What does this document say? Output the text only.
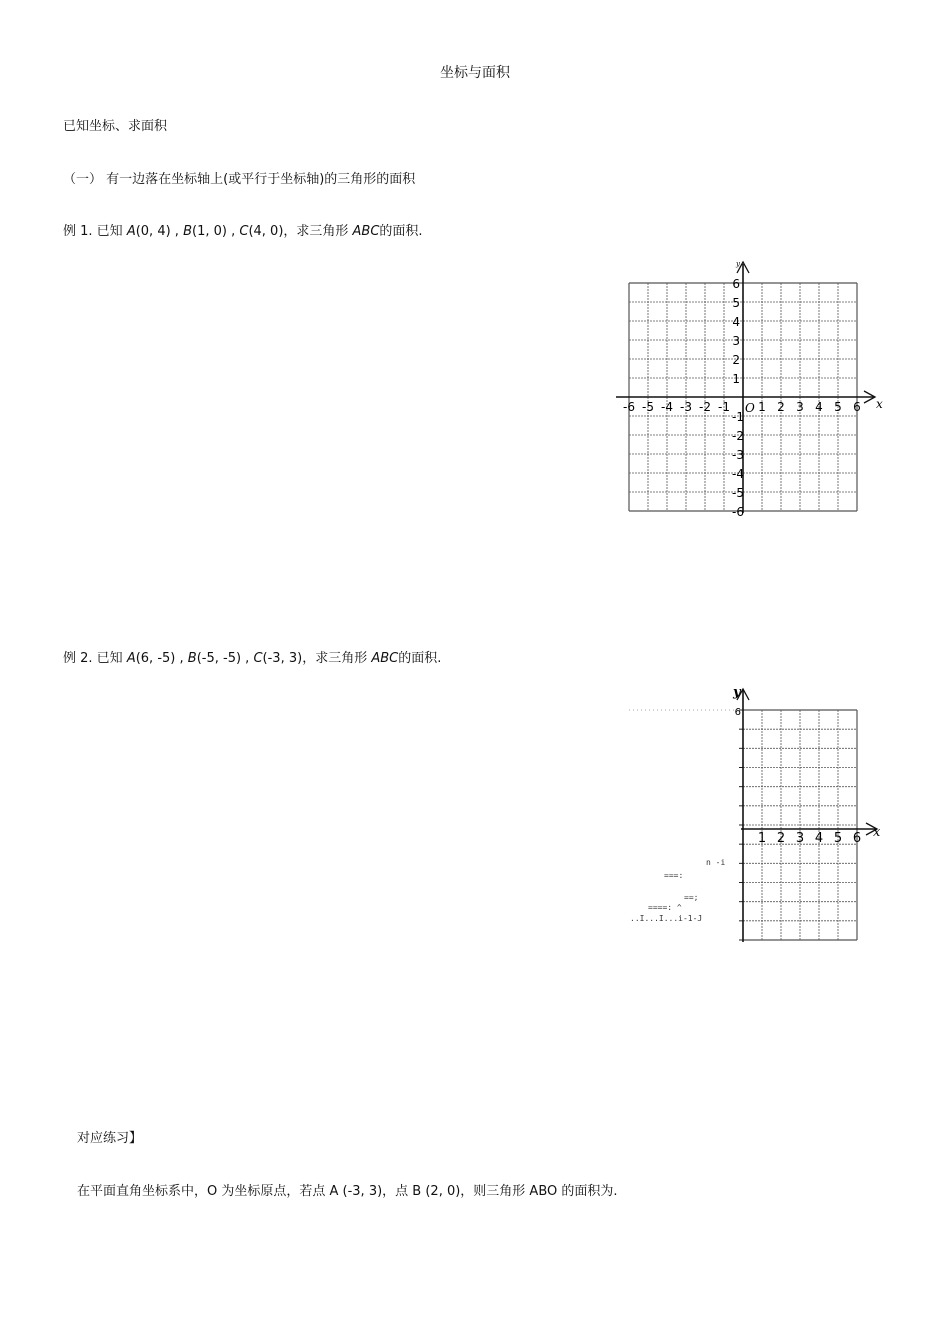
坐标与面积
已知坐标、求面积
（一） 有一边落在坐标轴上(或平行于坐标轴)的三角形的面积
例 1. 已知 A(0, 4) , B(1, 0) , C(4, 0)，求三角形 ABC的面积.
x
y
-6 -5 -4 -3 -2 -1 1 2 3 4 5 6
6
5
4
3
2
1
-1
-2
-3
-4
-5
-6
O
例 2. 已知 A(6, -5) , B(-5, -5) , C(-3, 3)，求三角形 ABC的面积.
x
y
6
1 2 3 4 5 6
n -i
===:
==;
====: ^
..I...I...i-1-J
对应练习】
在平面直角坐标系中，O 为坐标原点，若点 A (-3, 3)，点 B (2, 0)，则三角形 ABO 的面积为.
